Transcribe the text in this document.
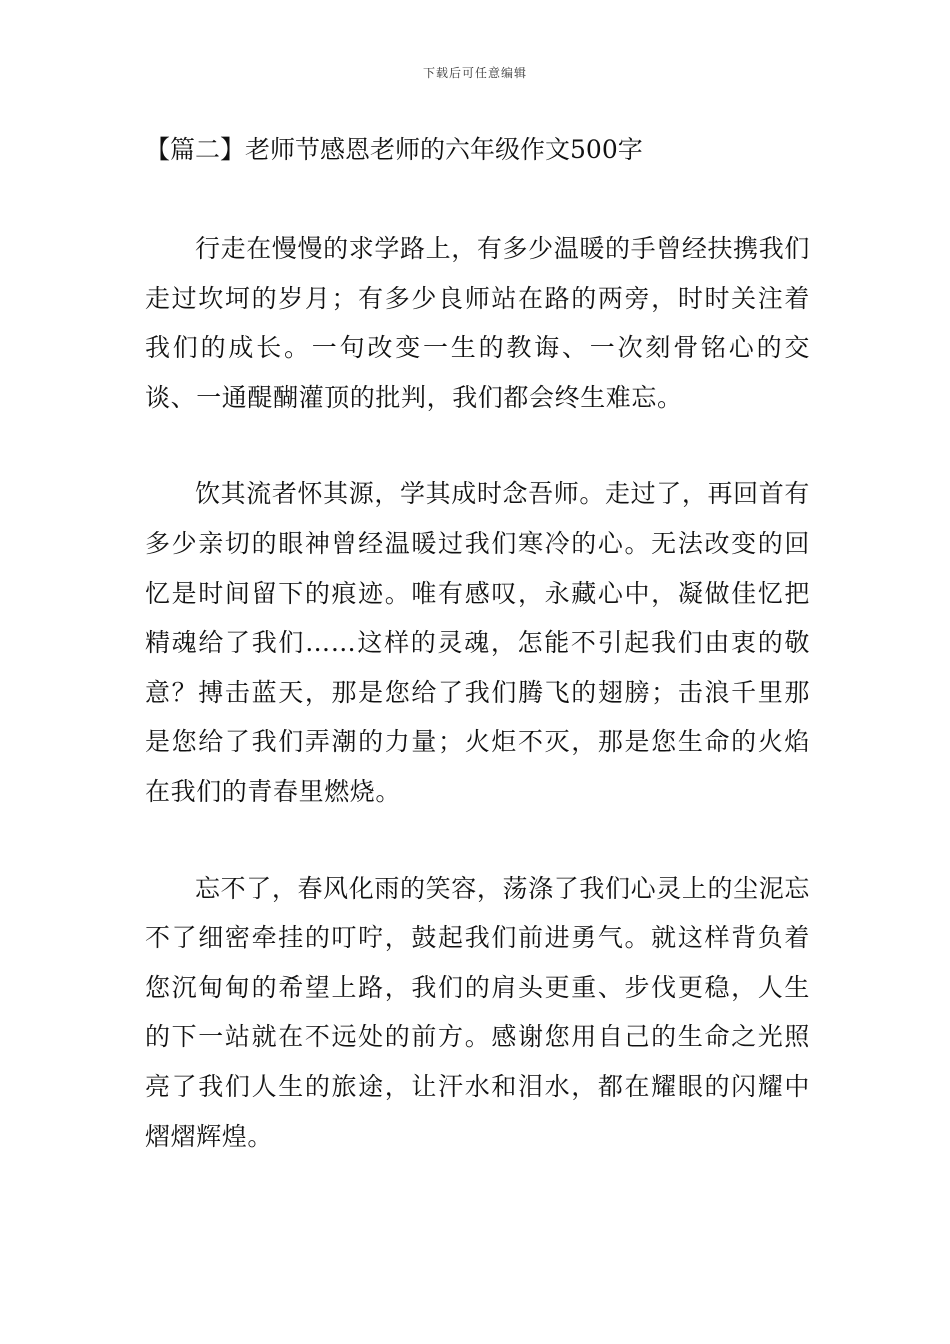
下载后可任意编辑
【篇二】老师节感恩老师的六年级作文500字

行走在慢慢的求学路上，有多少温暖的手曾经扶携我们走过坎坷的岁月；有多少良师站在路的两旁，时时关注着我们的成长。一句改变一生的教诲、一次刻骨铭心的交谈、一通醍醐灌顶的批判，我们都会终生难忘。

饮其流者怀其源，学其成时念吾师。走过了，再回首有多少亲切的眼神曾经温暖过我们寒冷的心。无法改变的回忆是时间留下的痕迹。唯有感叹，永藏心中，凝做佳忆把精魂给了我们……这样的灵魂，怎能不引起我们由衷的敬意？搏击蓝天，那是您给了我们腾飞的翅膀；击浪千里那是您给了我们弄潮的力量；火炬不灭，那是您生命的火焰在我们的青春里燃烧。

忘不了，春风化雨的笑容，荡涤了我们心灵上的尘泥忘不了细密牵挂的叮咛，鼓起我们前进勇气。就这样背负着您沉甸甸的希望上路，我们的肩头更重、步伐更稳，人生的下一站就在不远处的前方。感谢您用自己的生命之光照亮了我们人生的旅途，让汗水和泪水，都在耀眼的闪耀中熠熠辉煌。
